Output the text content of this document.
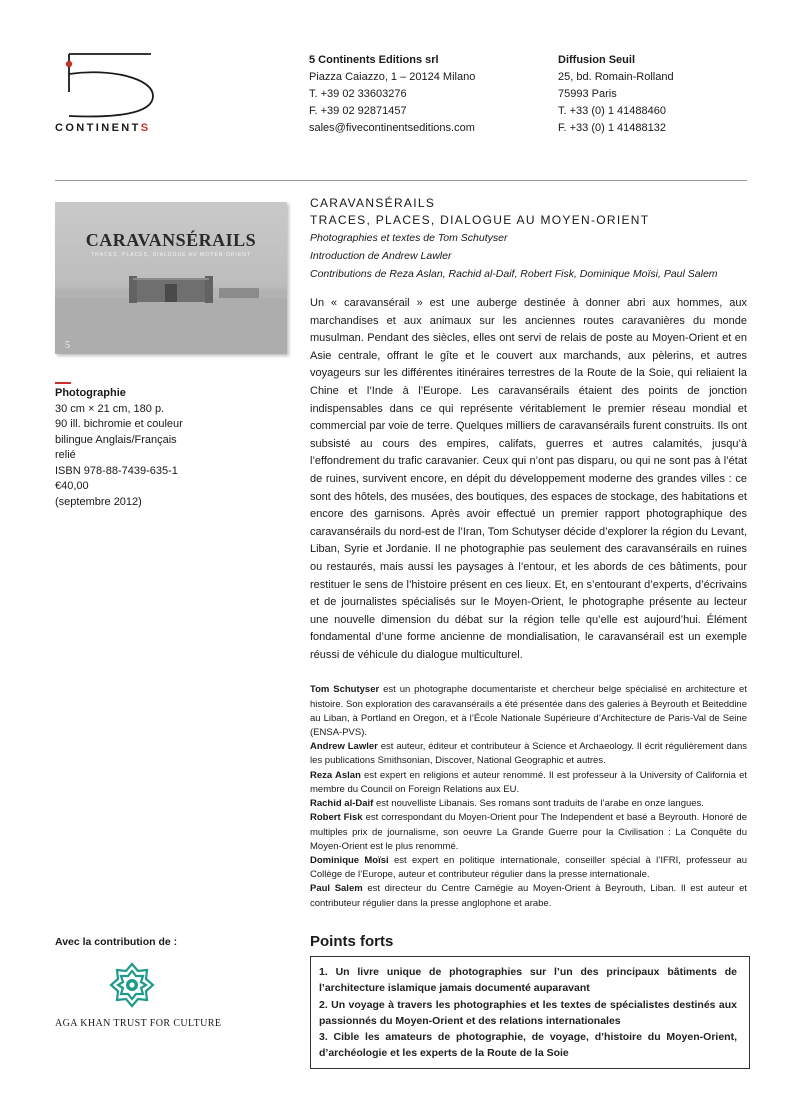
CONTINENTS
5 Continents Editions srl
Piazza Caiazzo, 1 – 20124 Milano
T. +39 02 33603276
F. +39 02 92871457
sales@fivecontinentseditions.com
Diffusion Seuil
25, bd. Romain-Rolland
75993 Paris
T. +33 (0) 1 41488460
F. +33 (0) 1 41488132
5
CARAVANSÉRAILS
TRACES, PLACES, DIALOGUE AU MOYEN-ORIENT
Photographie
30 cm × 21 cm, 180 p.
90 ill. bichromie et couleur
bilingue Anglais/Français
relié
ISBN 978-88-7439-635-1
€40,00
(septembre 2012)
CARAVANSÉRAILS
TRACES, PLACES, DIALOGUE AU MOYEN-ORIENT
Photographies et textes de Tom Schutyser
Introduction de Andrew Lawler
Contributions de Reza Aslan, Rachid al-Daif, Robert Fisk, Dominique Moïsi, Paul Salem
Un « caravansérail » est une auberge destinée à donner abri aux hommes, aux marchandises et aux animaux sur les anciennes routes caravanières du monde musulman. Pendant des siècles, elles ont servi de relais de poste au Moyen-Orient et en Asie centrale, offrant le gîte et le couvert aux marchands, aux pèlerins, et autres voyageurs sur les différentes itinéraires terrestres de la Route de la Soie, qui reliaient la Chine et l’Inde à l’Europe. Les caravansérails étaient des points de jonction indispensables dans ce qui représente véritablement le premier réseau mondial et commercial par voie de terre. Quelques milliers de caravansérails furent construits. Ils ont subsisté au cours des empires, califats, guerres et autres calamités, jusqu’à l’effondrement du trafic caravanier. Ceux qui n’ont pas disparu, ou qui ne sont pas à l’état de ruines, survivent encore, en dépit du développement moderne des grandes villes : ce sont des hôtels, des musées, des boutiques, des espaces de stockage, des habitations et encore des garnisons. Après avoir effectué un premier rapport photographique des caravansérails du nord-est de l’Iran, Tom Schutyser décide d’explorer la région du Levant, Liban, Syrie et Jordanie. Il ne photographie pas seulement des caravansérails en ruines ou restaurés, mais aussi les paysages à l’entour, et les abords de ces bâtiments, pour restituer le sens de l’histoire présent en ces lieux. Et, en s’entourant d’experts, d’écrivains et de journalistes spécialisés sur le Moyen-Orient, le photographe présente au lecteur une nouvelle dimension du débat sur la région telle qu’elle est aujourd’hui. Élément fondamental d’une forme ancienne de mondialisation, le caravansérail est un exemple réussi de véhicule du dialogue multiculturel.

Tom Schutyser est un photographe documentariste et chercheur belge spécialisé en architecture et histoire. Son exploration des caravansérails a été présentée dans des galeries à Beyrouth et Beiteddine au Liban, à Portland en Oregon, et à l’École Nationale Supérieure d’Architecture de Paris-Val de Seine (ENSA-PVS).

Andrew Lawler est auteur, éditeur et contributeur à Science et Archaeology. Il écrit régulièrement dans les publications Smithsonian, Discover, National Geographic et autres.

Reza Aslan est expert en religions et auteur renommé. Il est professeur à la University of California et membre du Council on Foreign Relations aux EU.

Rachid al-Daif est nouvelliste Libanais. Ses romans sont traduits de l’arabe en onze langues.

Robert Fisk est correspondant du Moyen-Orient pour The Independent et basé a Beyrouth. Honoré de multiples prix de journalisme, son oeuvre La Grande Guerre pour la Civilisation : La Conquête du Moyen-Orient est le plus renommé.

Dominique Moïsi est expert en politique internationale, conseiller spécial à l’IFRI, professeur au Collège de l’Europe, auteur et contributeur régulier dans la presse internationale.

Paul Salem est directeur du Centre Carnégie au Moyen-Orient à Beyrouth, Liban. Il est auteur et contributeur régulier dans la presse anglophone et arabe.

Avec la contribution de :
AGA KHAN TRUST FOR CULTURE
Points forts

1. Un livre unique de photographies sur l’un des principaux bâtiments de l’architecture islamique jamais documenté auparavant

2. Un voyage à travers les photographies et les textes de spécialistes destinés aux passionnés du Moyen-Orient et des relations internationales

3. Cible les amateurs de photographie, de voyage, d’histoire du Moyen-Orient, d’archéologie et les experts de la Route de la Soie
